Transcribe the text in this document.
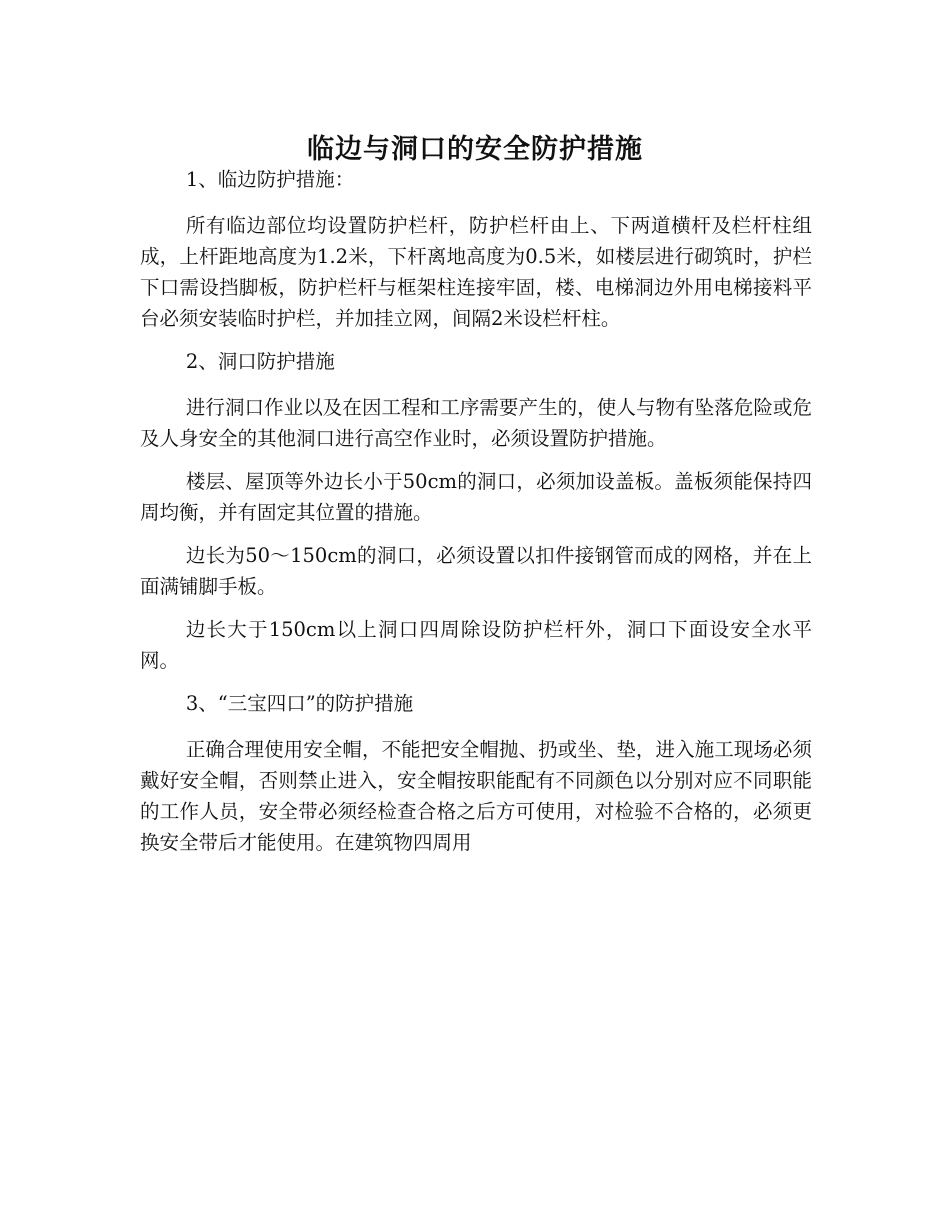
临边与洞口的安全防护措施

1、临边防护措施：

所有临边部位均设置防护栏杆，防护栏杆由上、下两道横杆及栏杆柱组成，上杆距地高度为1.2米，下杆离地高度为0.5米，如楼层进行砌筑时，护栏下口需设挡脚板，防护栏杆与框架柱连接牢固，楼、电梯洞边外用电梯接料平台必须安装临时护栏，并加挂立网，间隔2米设栏杆柱。

2、洞口防护措施

进行洞口作业以及在因工程和工序需要产生的，使人与物有坠落危险或危及人身安全的其他洞口进行高空作业时，必须设置防护措施。

楼层、屋顶等外边长小于50cm的洞口，必须加设盖板。盖板须能保持四周均衡，并有固定其位置的措施。

边长为50～150cm的洞口，必须设置以扣件接钢管而成的网格，并在上面满铺脚手板。

边长大于150cm以上洞口四周除设防护栏杆外，洞口下面设安全水平网。

3、“三宝四口”的防护措施

正确合理使用安全帽，不能把安全帽抛、扔或坐、垫，进入施工现场必须戴好安全帽，否则禁止进入，安全帽按职能配有不同颜色以分别对应不同职能的工作人员，安全带必须经检查合格之后方可使用，对检验不合格的，必须更换安全带后才能使用。在建筑物四周用
